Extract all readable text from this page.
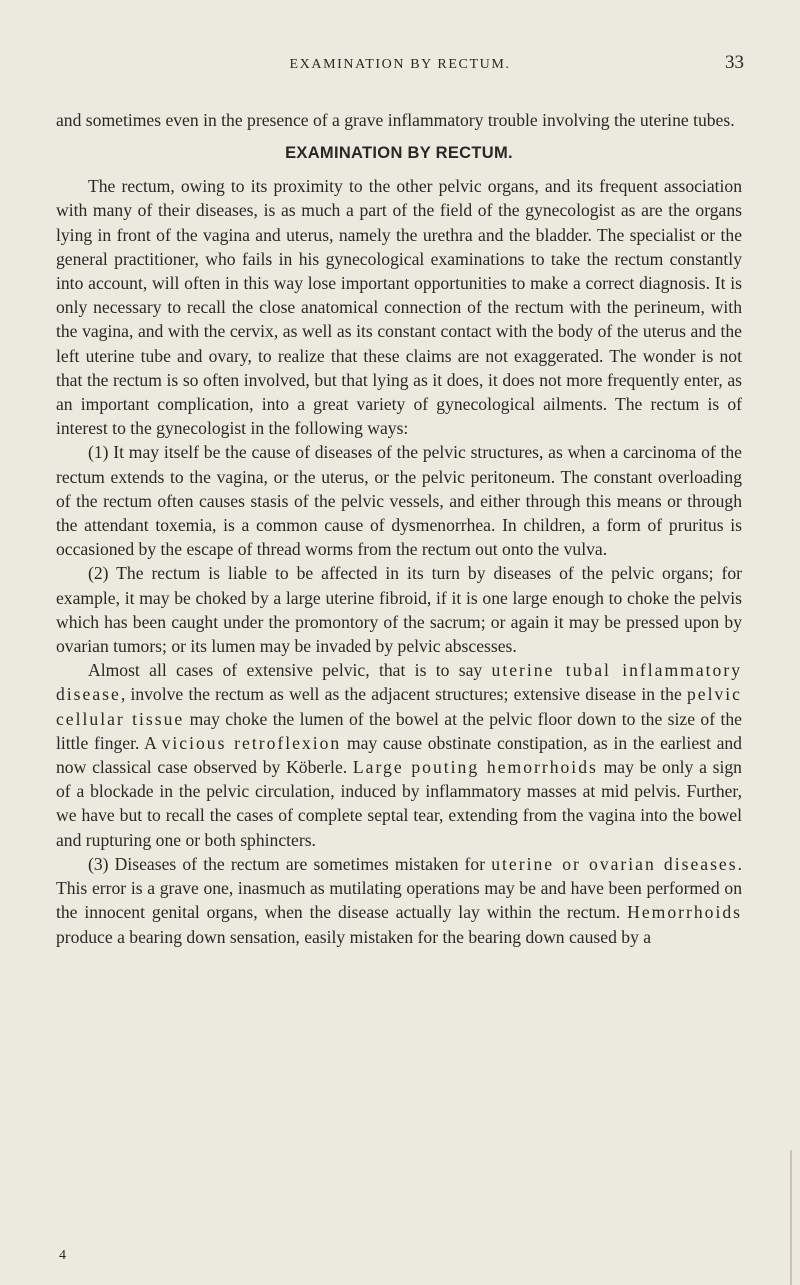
EXAMINATION BY RECTUM.	33

and sometimes even in the presence of a grave inflammatory trouble involving the uterine tubes.

EXAMINATION BY RECTUM.

The rectum, owing to its proximity to the other pelvic organs, and its frequent association with many of their diseases, is as much a part of the field of the gynecologist as are the organs lying in front of the vagina and uterus, namely the urethra and the bladder. The specialist or the general practitioner, who fails in his gynecological examinations to take the rectum constantly into account, will often in this way lose important opportunities to make a correct diagnosis. It is only necessary to recall the close anatomical connection of the rectum with the perineum, with the vagina, and with the cervix, as well as its constant contact with the body of the uterus and the left uterine tube and ovary, to realize that these claims are not exaggerated. The wonder is not that the rectum is so often involved, but that lying as it does, it does not more frequently enter, as an important complication, into a great variety of gynecological ailments. The rectum is of interest to the gynecologist in the following ways:

(1) It may itself be the cause of diseases of the pelvic structures, as when a carcinoma of the rectum extends to the vagina, or the uterus, or the pelvic peritoneum. The constant overloading of the rectum often causes stasis of the pelvic vessels, and either through this means or through the attendant toxemia, is a common cause of dysmenorrhea. In children, a form of pruritus is occasioned by the escape of thread worms from the rectum out onto the vulva.

(2) The rectum is liable to be affected in its turn by diseases of the pelvic organs; for example, it may be choked by a large uterine fibroid, if it is one large enough to choke the pelvis which has been caught under the promontory of the sacrum; or again it may be pressed upon by ovarian tumors; or its lumen may be invaded by pelvic abscesses.

Almost all cases of extensive pelvic, that is to say uterine tubal inflammatory disease, involve the rectum as well as the adjacent structures; extensive disease in the pelvic cellular tissue may choke the lumen of the bowel at the pelvic floor down to the size of the little finger. A vicious retroflexion may cause obstinate constipation, as in the earliest and now classical case observed by Köberle. Large pouting hemorrhoids may be only a sign of a blockade in the pelvic circulation, induced by inflammatory masses at mid pelvis. Further, we have but to recall the cases of complete septal tear, extending from the vagina into the bowel and rupturing one or both sphincters.

(3) Diseases of the rectum are sometimes mistaken for uterine or ovarian diseases. This error is a grave one, inasmuch as mutilating operations may be and have been performed on the innocent genital organs, when the disease actually lay within the rectum. Hemorrhoids produce a bearing down sensation, easily mistaken for the bearing down caused by a

4
